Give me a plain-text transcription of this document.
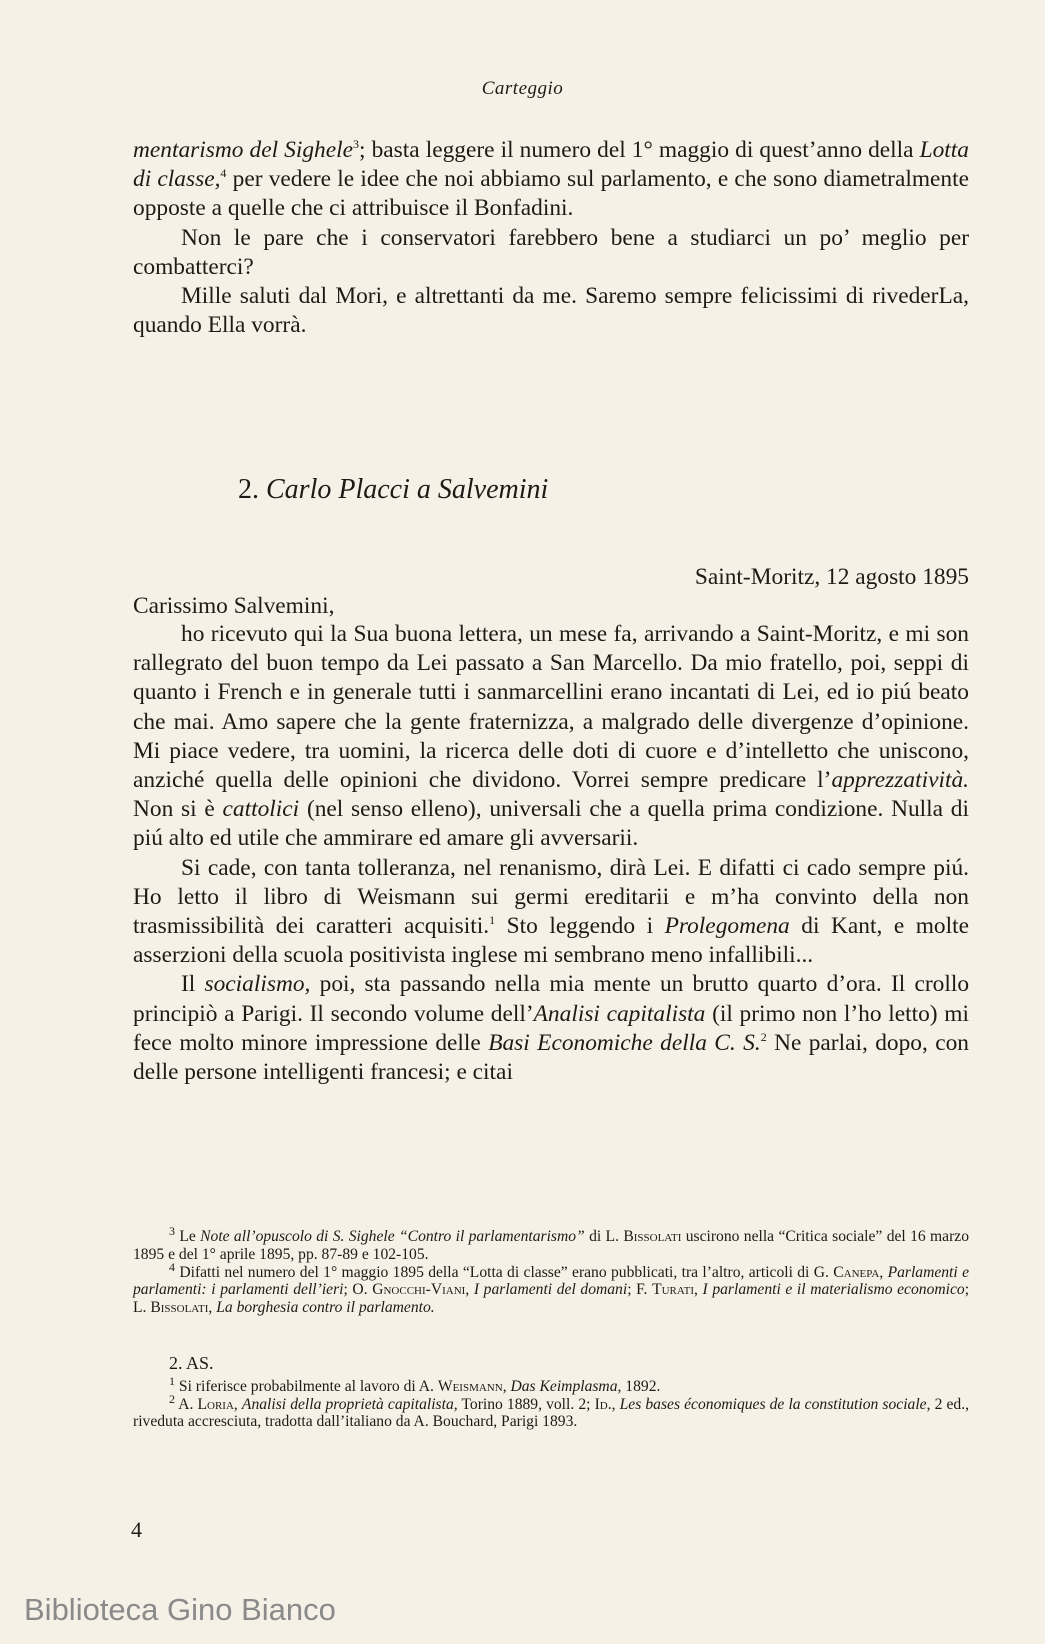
Carteggio

mentarismo del Sighele$^3$; basta leggere il numero del 1° maggio di quest’anno della Lotta di classe,$^4$ per vedere le idee che noi abbiamo sul parlamento, e che sono diametralmente opposte a quelle che ci attribuisce il Bonfadini.

Non le pare che i conservatori farebbero bene a studiarci un po’ meglio per combatterci?

Mille saluti dal Mori, e altrettanti da me. Saremo sempre felicissimi di rivederLa, quando Ella vorrà.

2. Carlo Placci a Salvemini
Saint-Moritz, 12 agosto 1895
Carissimo Salvemini,

ho ricevuto qui la Sua buona lettera, un mese fa, arrivando a Saint-Moritz, e mi son rallegrato del buon tempo da Lei passato a San Marcello. Da mio fratello, poi, seppi di quanto i French e in generale tutti i sanmarcellini erano incantati di Lei, ed io piú beato che mai. Amo sapere che la gente fraternizza, a malgrado delle divergenze d’opinione. Mi piace vedere, tra uomini, la ricerca delle doti di cuore e d’intelletto che uniscono, anziché quella delle opinioni che dividono. Vorrei sempre predicare l’apprezzatività. Non si è cattolici (nel senso elleno), universali che a quella prima condizione. Nulla di piú alto ed utile che ammirare ed amare gli avversarii.

Si cade, con tanta tolleranza, nel renanismo, dirà Lei. E difatti ci cado sempre piú. Ho letto il libro di Weismann sui germi ereditarii e m’ha convinto della non trasmissibilità dei caratteri acquisiti.$^1$ Sto leggendo i Prolegomena di Kant, e molte asserzioni della scuola positivista inglese mi sembrano meno infallibili...

Il socialismo, poi, sta passando nella mia mente un brutto quarto d’ora. Il crollo principiò a Parigi. Il secondo volume dell’Analisi capitalista (il primo non l’ho letto) mi fece molto minore impressione delle Basi Economiche della C. S.$^2$ Ne parlai, dopo, con delle persone intelligenti francesi; e citai

$^3$ Le Note all’opuscolo di S. Sighele “Contro il parlamentarismo” di L. Bissolati uscirono nella “Critica sociale” del 16 marzo 1895 e del 1° aprile 1895, pp. 87-89 e 102-105.

$^4$ Difatti nel numero del 1° maggio 1895 della “Lotta di classe” erano pubblicati, tra l’altro, articoli di G. Canepa, Parlamenti e parlamenti: i parlamenti dell’ieri; O. Gnocchi-Viani, I parlamenti del domani; F. Turati, I parlamenti e il materialismo economico; L. Bissolati, La borghesia contro il parlamento.

2. AS.

$^1$ Si riferisce probabilmente al lavoro di A. Weismann, Das Keimplasma, 1892.

$^2$ A. Loria, Analisi della proprietà capitalista, Torino 1889, voll. 2; Id., Les bases économiques de la constitution sociale, 2 ed., riveduta accresciuta, tradotta dall’italiano da A. Bouchard, Parigi 1893.

4
Biblioteca Gino Bianco
